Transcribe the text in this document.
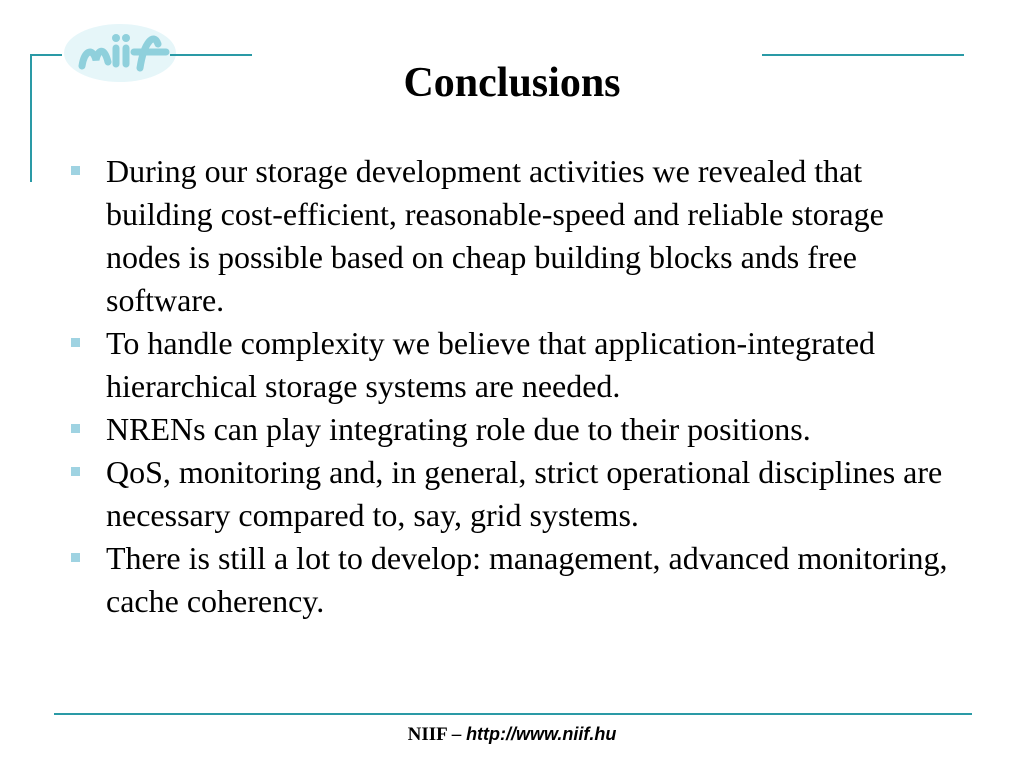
Conclusions
During our storage development activities we revealed that building cost-efficient, reasonable-speed and reliable storage nodes is possible based on cheap building blocks ands free software.
To handle complexity we believe that application-integrated hierarchical storage systems are needed.
NRENs can play integrating role due to their positions.
QoS, monitoring and, in general, strict operational disciplines are necessary compared to, say, grid systems.
There is still a lot to develop: management, advanced monitoring, cache coherency.
NIIF – http://www.niif.hu
